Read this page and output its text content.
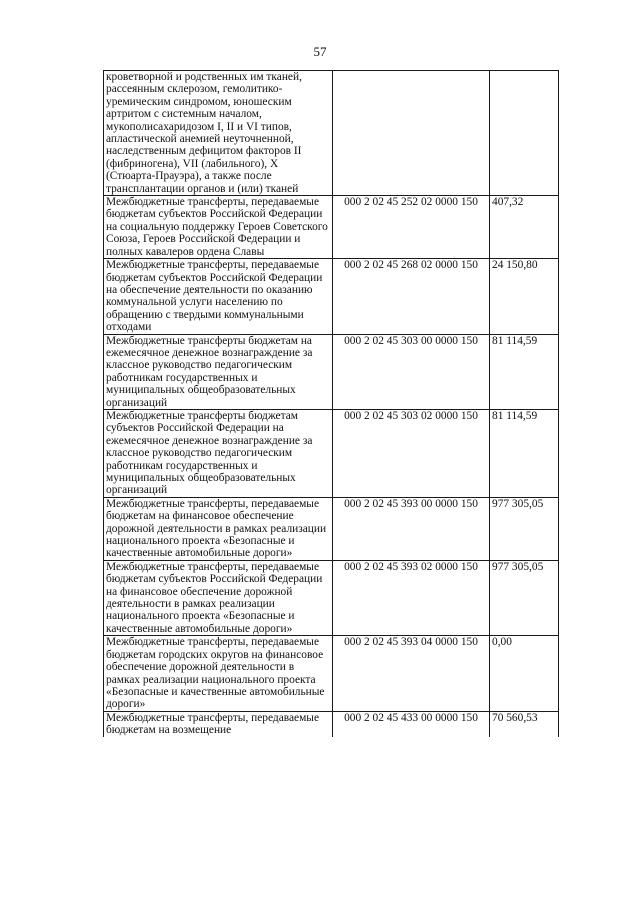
57
кроветворной и родственных им тканей, рассеянным склерозом, гемолитико-уремическим синдромом, юношеским артритом с системным началом, мукополисахаридозом I, II и VI типов, апластической анемией неуточненной, наследственным дефицитом факторов II (фибриногена), VII (лабильного), X (Стюарта-Прауэра), а также после трансплантации органов и (или) тканей		
Межбюджетные трансферты, передаваемые бюджетам субъектов Российской Федерации на социальную поддержку Героев Советского Союза, Героев Российской Федерации и полных кавалеров ордена Славы	000 2 02 45 252 02 0000 150	407,32
Межбюджетные трансферты, передаваемые бюджетам субъектов Российской Федерации на обеспечение деятельности по оказанию коммунальной услуги населению по обращению с твердыми коммунальными отходами	000 2 02 45 268 02 0000 150	24 150,80
Межбюджетные трансферты бюджетам на ежемесячное денежное вознаграждение за классное руководство педагогическим работникам государственных и муниципальных общеобразовательных организаций	000 2 02 45 303 00 0000 150	81 114,59
Межбюджетные трансферты бюджетам субъектов Российской Федерации на ежемесячное денежное вознаграждение за классное руководство педагогическим работникам государственных и муниципальных общеобразовательных организаций	000 2 02 45 303 02 0000 150	81 114,59
Межбюджетные трансферты, передаваемые бюджетам на финансовое обеспечение дорожной деятельности в рамках реализации национального проекта «Безопасные и качественные автомобильные дороги»	000 2 02 45 393 00 0000 150	977 305,05
Межбюджетные трансферты, передаваемые бюджетам субъектов Российской Федерации на финансовое обеспечение дорожной деятельности в рамках реализации национального проекта «Безопасные и качественные автомобильные дороги»	000 2 02 45 393 02 0000 150	977 305,05
Межбюджетные трансферты, передаваемые бюджетам городских округов на финансовое обеспечение дорожной деятельности в рамках реализации национального проекта «Безопасные и качественные автомобильные дороги»	000 2 02 45 393 04 0000 150	0,00
Межбюджетные трансферты, передаваемые бюджетам на возмещение	000 2 02 45 433 00 0000 150	70 560,53
